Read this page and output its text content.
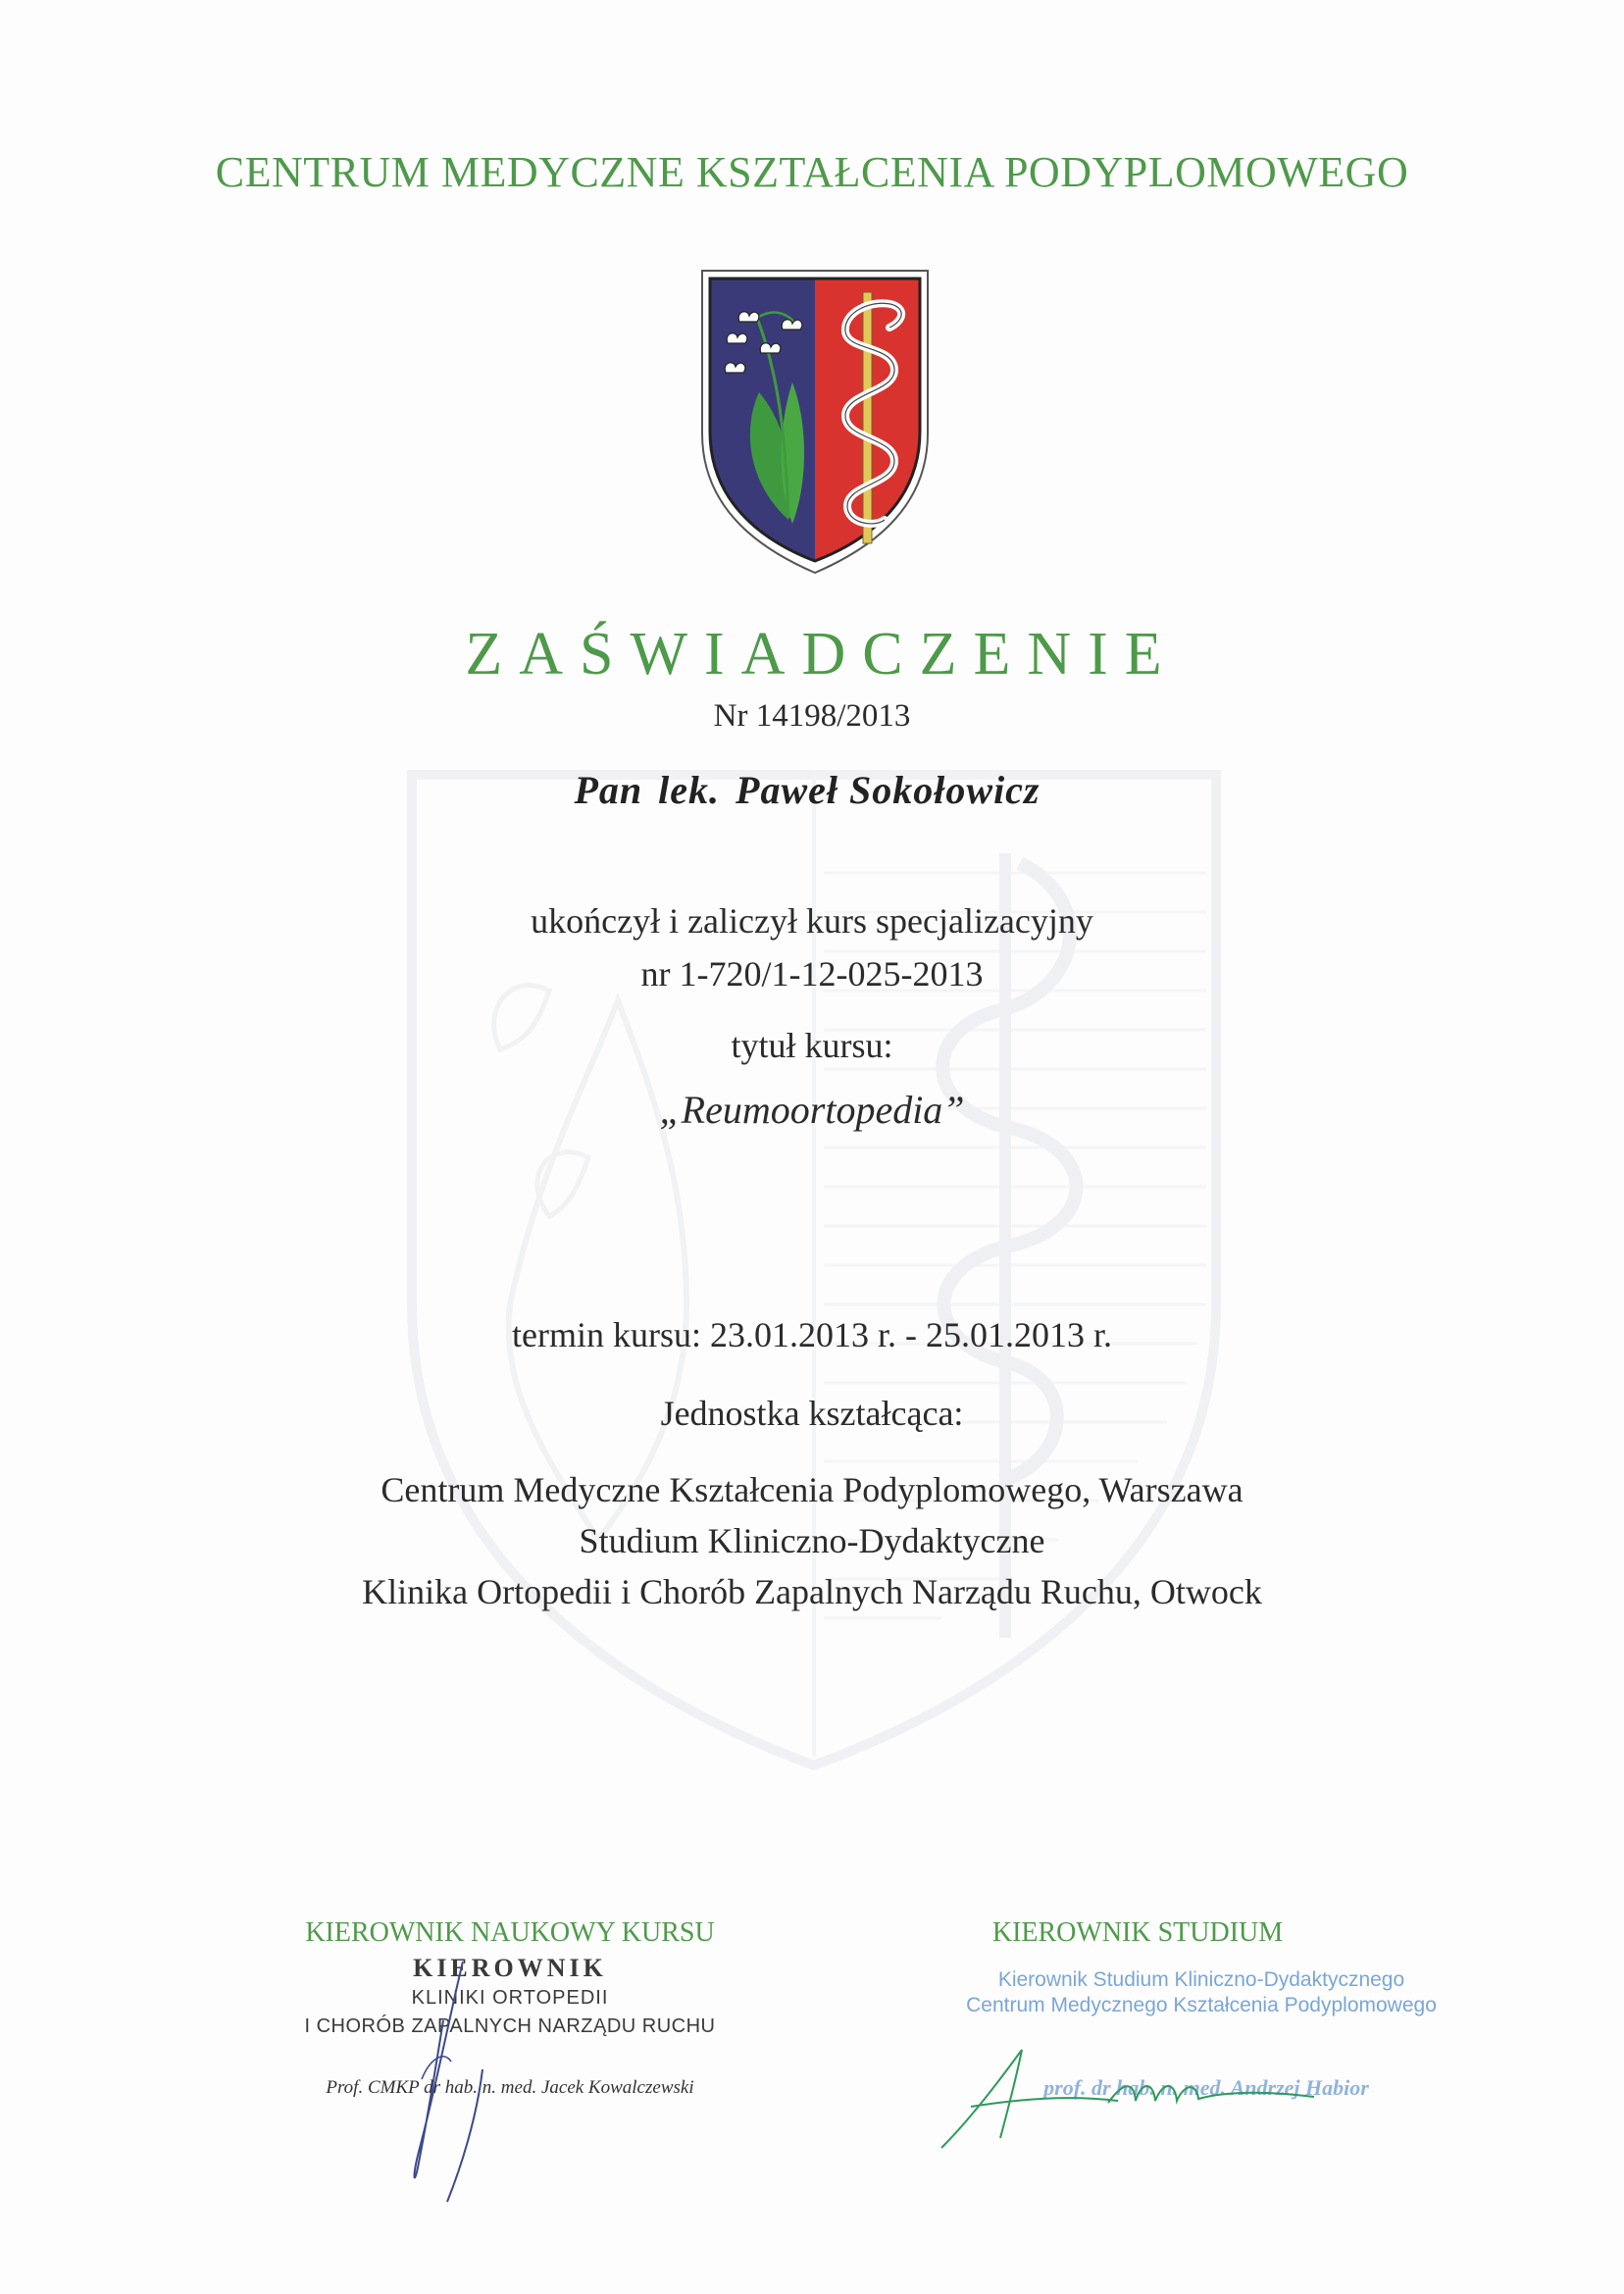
CENTRUM MEDYCZNE KSZTAŁCENIA PODYPLOMOWEGO
ZAŚWIADCZENIE
Nr 14198/2013
Pan lek. Paweł Sokołowicz
ukończył i zaliczył kurs specjalizacyjny
nr 1-720/1-12-025-2013
tytuł kursu:
„Reumoortopedia”
termin kursu: 23.01.2013 r. - 25.01.2013 r.
Jednostka kształcąca:
Centrum Medyczne Kształcenia Podyplomowego, Warszawa
Studium Kliniczno-Dydaktyczne
Klinika Ortopedii i Chorób Zapalnych Narządu Ruchu, Otwock
KIEROWNIK NAUKOWY KURSU
KIEROWNIK
KLINIKI ORTOPEDII
I CHORÓB ZAPALNYCH NARZĄDU RUCHU
Prof. CMKP dr hab. n. med. Jacek Kowalczewski
KIEROWNIK STUDIUM
Kierownik Studium Kliniczno-Dydaktycznego
Centrum Medycznego Kształcenia Podyplomowego
prof. dr hab. n. med. Andrzej Habior
